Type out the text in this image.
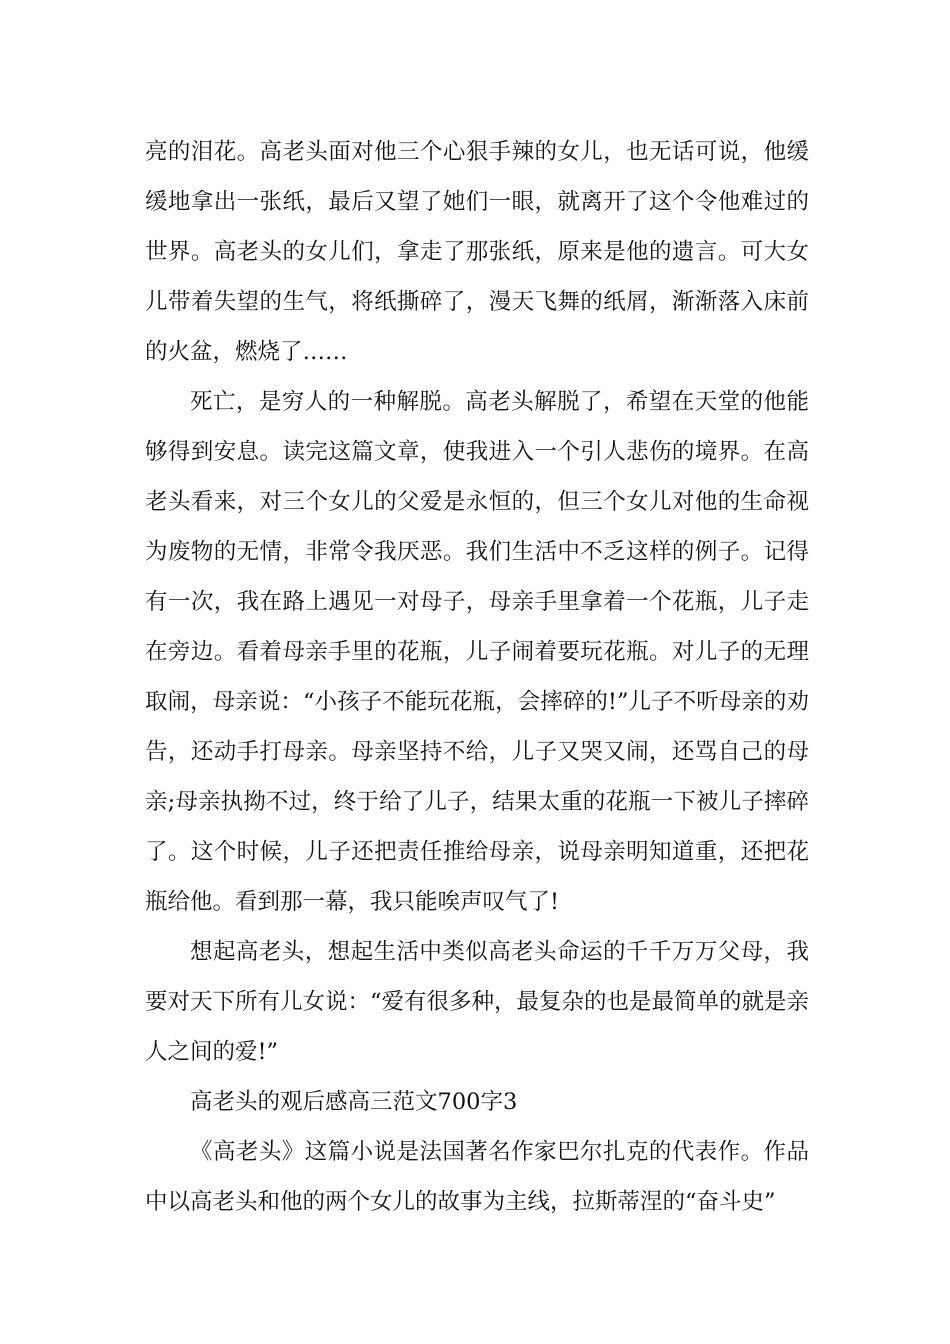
亮的泪花。高老头面对他三个心狠手辣的女儿，也无话可说，他缓缓地拿出一张纸，最后又望了她们一眼，就离开了这个令他难过的世界。高老头的女儿们，拿走了那张纸，原来是他的遗言。可大女儿带着失望的生气，将纸撕碎了，漫天飞舞的纸屑，渐渐落入床前的火盆，燃烧了……

死亡，是穷人的一种解脱。高老头解脱了，希望在天堂的他能够得到安息。读完这篇文章，使我进入一个引人悲伤的境界。在高老头看来，对三个女儿的父爱是永恒的，但三个女儿对他的生命视为废物的无情，非常令我厌恶。我们生活中不乏这样的例子。记得有一次，我在路上遇见一对母子，母亲手里拿着一个花瓶，儿子走在旁边。看着母亲手里的花瓶，儿子闹着要玩花瓶。对儿子的无理取闹，母亲说：“小孩子不能玩花瓶，会摔碎的!”儿子不听母亲的劝告，还动手打母亲。母亲坚持不给，儿子又哭又闹，还骂自己的母亲;母亲执拗不过，终于给了儿子，结果太重的花瓶一下被儿子摔碎了。这个时候，儿子还把责任推给母亲，说母亲明知道重，还把花瓶给他。看到那一幕，我只能唉声叹气了!

想起高老头，想起生活中类似高老头命运的千千万万父母，我要对天下所有儿女说：“爱有很多种，最复杂的也是最简单的就是亲人之间的爱!”

高老头的观后感高三范文700字3

《高老头》这篇小说是法国著名作家巴尔扎克的代表作。作品中以高老头和他的两个女儿的故事为主线，拉斯蒂涅的“奋斗史”
